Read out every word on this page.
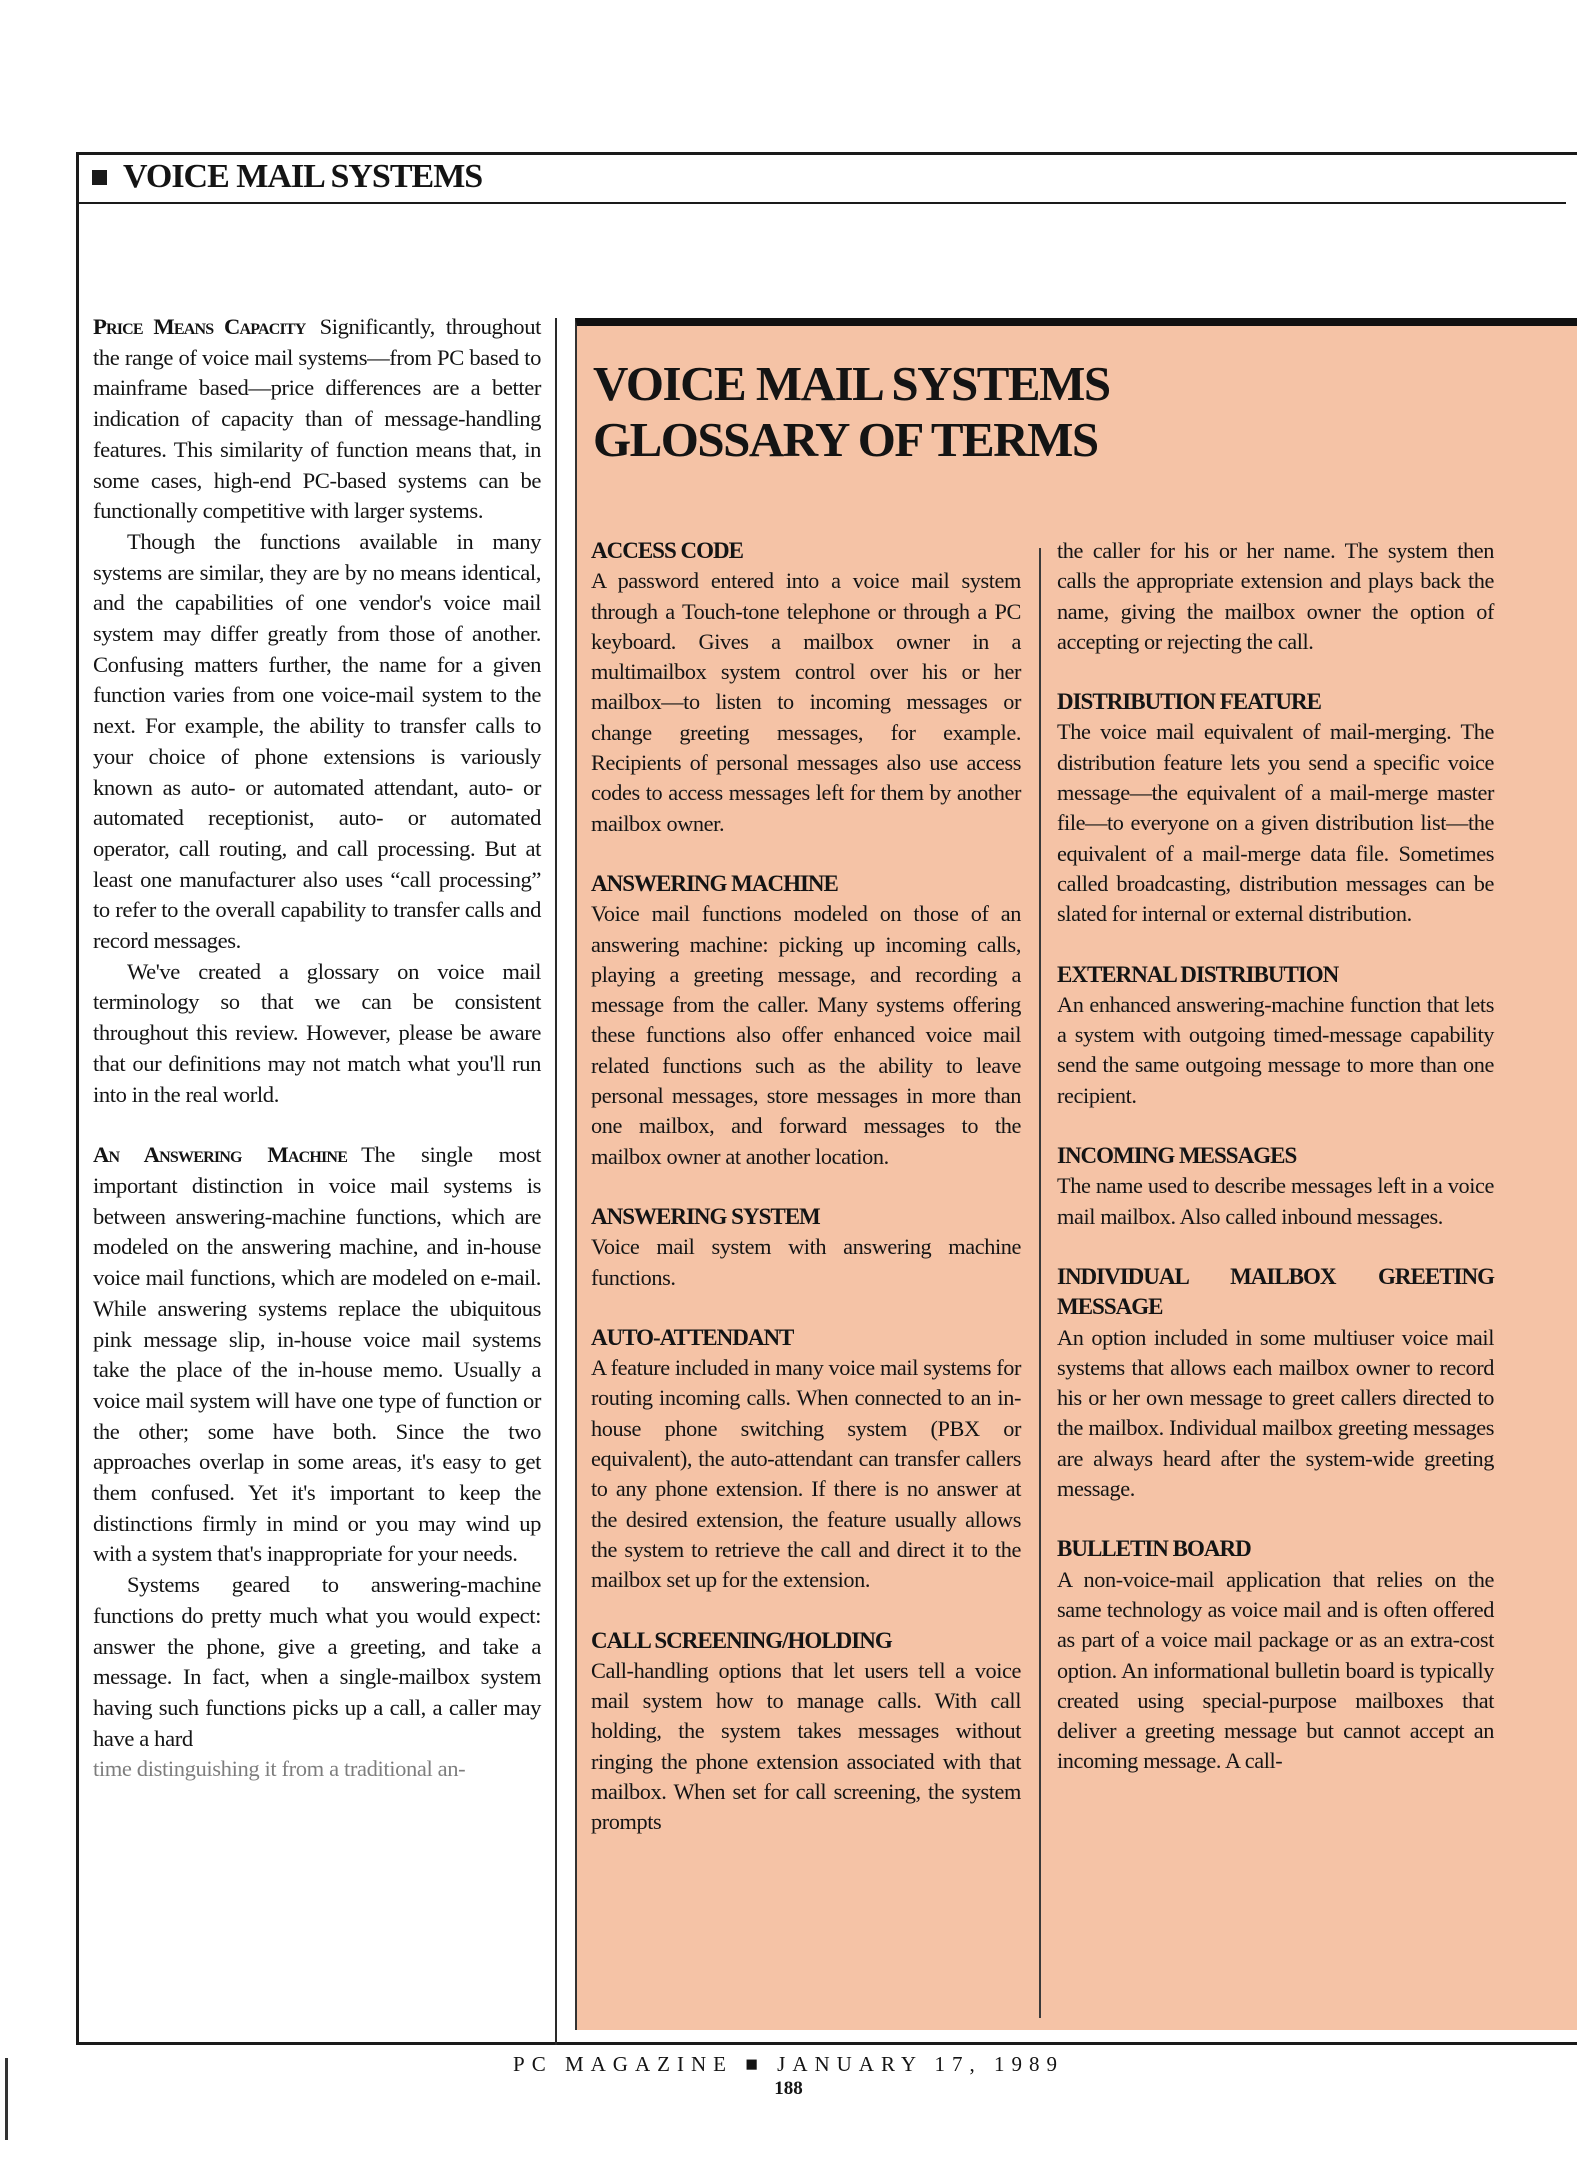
VOICE MAIL SYSTEMS

Price Means Capacity Significantly, throughout the range of voice mail systems—from PC based to mainframe based—price differences are a better indication of capacity than of message-handling features. This similarity of function means that, in some cases, high-end PC-based systems can be functionally competitive with larger systems.

Though the functions available in many systems are similar, they are by no means identical, and the capabilities of one vendor's voice mail system may differ greatly from those of another. Confusing matters further, the name for a given function varies from one voice-mail system to the next. For example, the ability to transfer calls to your choice of phone extensions is variously known as auto- or automated attendant, auto- or automated receptionist, auto- or automated operator, call routing, and call processing. But at least one manufacturer also uses “call processing” to refer to the overall capability to transfer calls and record messages.

We've created a glossary on voice mail terminology so that we can be consistent throughout this review. However, please be aware that our definitions may not match what you'll run into in the real world.

An Answering Machine The single most important distinction in voice mail systems is between answering-machine functions, which are modeled on the answering machine, and in-house voice mail functions, which are modeled on e-mail. While answering systems replace the ubiquitous pink message slip, in-house voice mail systems take the place of the in-house memo. Usually a voice mail system will have one type of function or the other; some have both. Since the two approaches overlap in some areas, it's easy to get them confused. Yet it's important to keep the distinctions firmly in mind or you may wind up with a system that's inappropriate for your needs.

Systems geared to answering-machine functions do pretty much what you would expect: answer the phone, give a greeting, and take a message. In fact, when a single-mailbox system having such functions picks up a call, a caller may have a hard

time distinguishing it from a traditional an-

VOICE MAIL SYSTEMS
GLOSSARY OF TERMS
ACCESS CODE

A password entered into a voice mail system through a Touch-tone telephone or through a PC keyboard. Gives a mailbox owner in a multimailbox system control over his or her mailbox—to listen to incoming messages or change greeting messages, for example. Recipients of personal messages also use access codes to access messages left for them by another mailbox owner.

ANSWERING MACHINE

Voice mail functions modeled on those of an answering machine: picking up incoming calls, playing a greeting message, and recording a message from the caller. Many systems offering these functions also offer enhanced voice mail related functions such as the ability to leave personal messages, store messages in more than one mailbox, and forward messages to the mailbox owner at another location.

ANSWERING SYSTEM

Voice mail system with answering machine functions.

AUTO-ATTENDANT

A feature included in many voice mail systems for routing incoming calls. When connected to an in-house phone switching system (PBX or equivalent), the auto-attendant can transfer callers to any phone extension. If there is no answer at the desired extension, the feature usually allows the system to retrieve the call and direct it to the mailbox set up for the extension.

CALL SCREENING/HOLDING

Call-handling options that let users tell a voice mail system how to manage calls. With call holding, the system takes messages without ringing the phone extension associated with that mailbox. When set for call screening, the system prompts

the caller for his or her name. The system then calls the appropriate extension and plays back the name, giving the mailbox owner the option of accepting or rejecting the call.

DISTRIBUTION FEATURE

The voice mail equivalent of mail-merging. The distribution feature lets you send a specific voice message—the equivalent of a mail-merge master file—to everyone on a given distribution list—the equivalent of a mail-merge data file. Sometimes called broadcasting, distribution messages can be slated for internal or external distribution.

EXTERNAL DISTRIBUTION

An enhanced answering-machine function that lets a system with outgoing timed-message capability send the same outgoing message to more than one recipient.

INCOMING MESSAGES

The name used to describe messages left in a voice mail mailbox. Also called inbound messages.

INDIVIDUAL MAILBOX GREETING MESSAGE

An option included in some multiuser voice mail systems that allows each mailbox owner to record his or her own message to greet callers directed to the mailbox. Individual mailbox greeting messages are always heard after the system-wide greeting message.

BULLETIN BOARD

A non-voice-mail application that relies on the same technology as voice mail and is often offered as part of a voice mail package or as an extra-cost option. An informational bulletin board is typically created using special-purpose mailboxes that deliver a greeting message but cannot accept an incoming message. A call-

PC MAGAZINE ■ JANUARY 17, 1989
188
